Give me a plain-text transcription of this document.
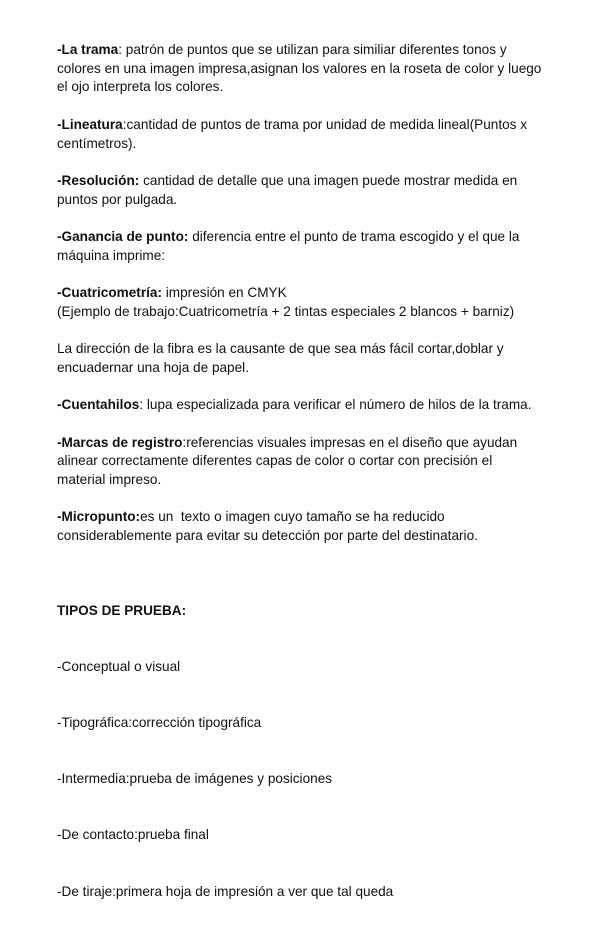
-La trama: patrón de puntos que se utilizan para similiar diferentes tonos y colores en una imagen impresa,asignan los valores en la roseta de color y luego el ojo interpreta los colores.
-Lineatura:cantidad de puntos de trama por unidad de medida lineal(Puntos x centímetros).
-Resolución: cantidad de detalle que una imagen puede mostrar medida en puntos por pulgada.
-Ganancia de punto: diferencia entre el punto de trama escogido y el que la máquina imprime:

-Cuatricometría: impresión en CMYK

(Ejemplo de trabajo:Cuatricometría + 2 tintas especiales 2 blancos + barniz)

La dirección de la fibra es la causante de que sea más fácil cortar,doblar y encuadernar una hoja de papel.
-Cuentahilos: lupa especializada para verificar el número de hilos de la trama.
-Marcas de registro:referencias visuales impresas en el diseño que ayudan alinear correctamente diferentes capas de color o cortar con precisión el material impreso.
-Micropunto:es un  texto o imagen cuyo tamaño se ha reducido considerablemente para evitar su detección por parte del destinatario.

TIPOS DE PRUEBA:

-Conceptual o visual

-Tipográfica:corrección tipográfica

-Intermedia:prueba de imágenes y posiciones

-De contacto:prueba final

-De tiraje:primera hoja de impresión a ver que tal queda
